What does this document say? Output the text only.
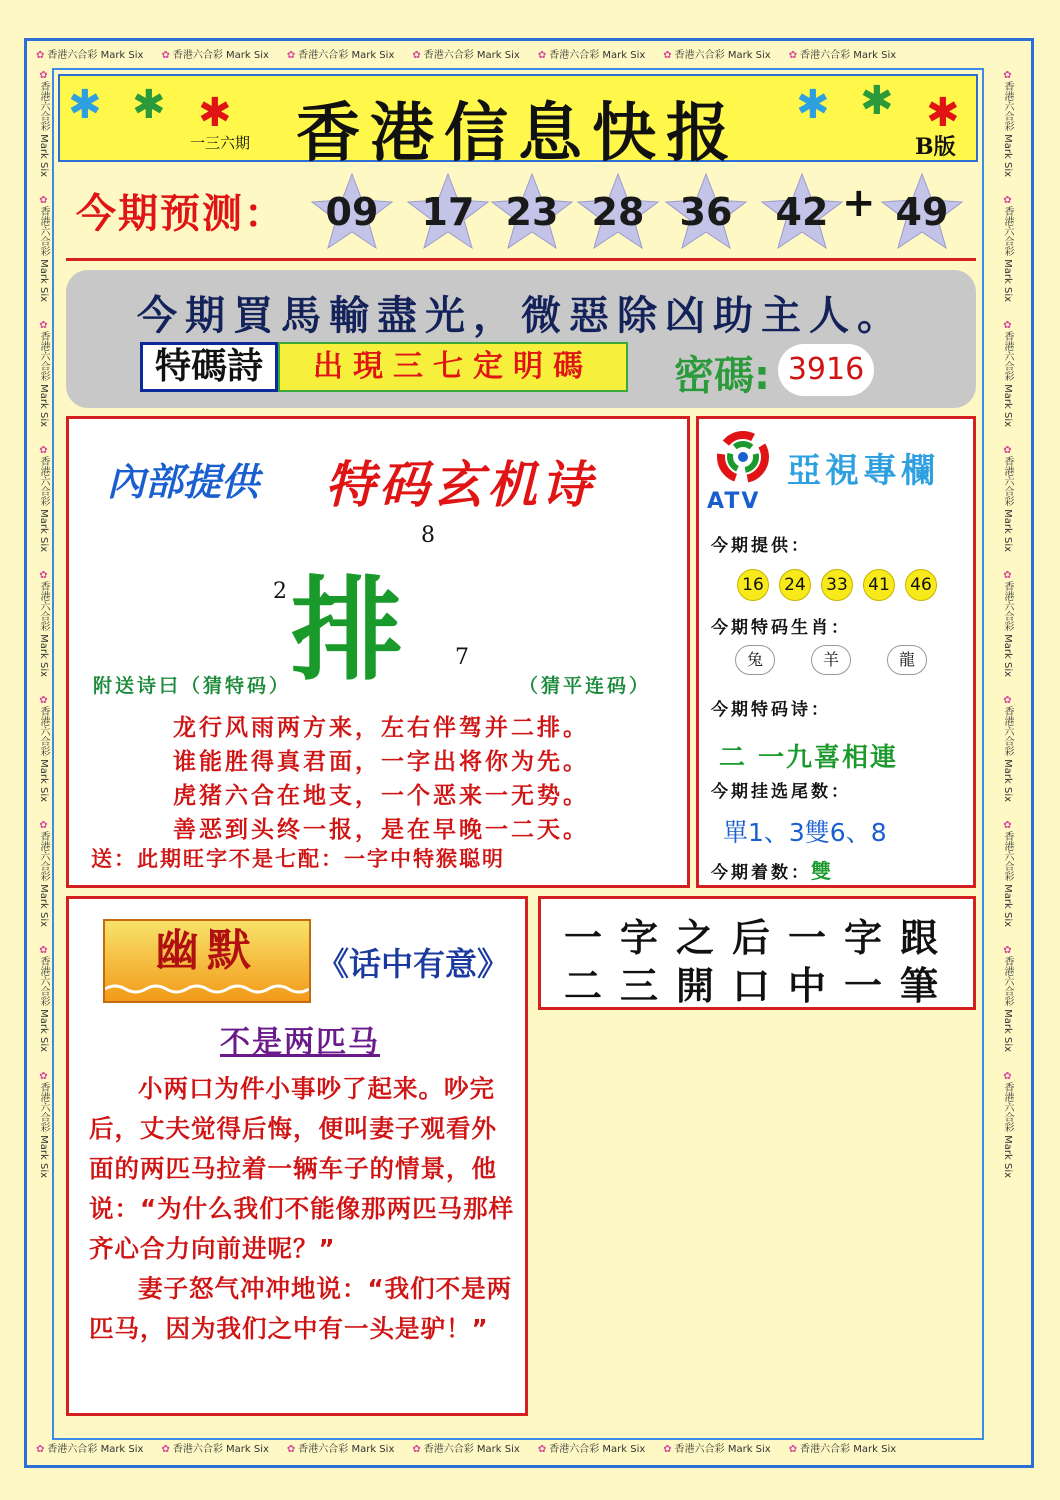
✿ 香港六合彩 Mark Six ✿ 香港六合彩 Mark Six ✿ 香港六合彩 Mark Six ✿ 香港六合彩 Mark Six ✿ 香港六合彩 Mark Six ✿ 香港六合彩 Mark Six ✿ 香港六合彩 Mark Six
✿ 香港六合彩 Mark Six ✿ 香港六合彩 Mark Six ✿ 香港六合彩 Mark Six ✿ 香港六合彩 Mark Six ✿ 香港六合彩 Mark Six ✿ 香港六合彩 Mark Six ✿ 香港六合彩 Mark Six
✿香港六合彩 Mark Six✿香港六合彩 Mark Six✿香港六合彩 Mark Six✿香港六合彩 Mark Six✿香港六合彩 Mark Six✿香港六合彩 Mark Six✿香港六合彩 Mark Six✿香港六合彩 Mark Six✿香港六合彩 Mark Six
✿香港六合彩 Mark Six✿香港六合彩 Mark Six✿香港六合彩 Mark Six✿香港六合彩 Mark Six✿香港六合彩 Mark Six✿香港六合彩 Mark Six✿香港六合彩 Mark Six✿香港六合彩 Mark Six✿香港六合彩 Mark Six
✱ ✱ ✱	✱ ✱ ✱
香港信息快报
一三六期	B版
今期预测：	09	17 23 28 36	42 + 49
今期買馬輸盡光，微惡除凶助主人。
特碼詩	出現三七定明碼	密碼: 3916
內部提供 特码玄机诗
8
2 排 7
附送诗曰（猜特码）	（猜平连码）
龙行风雨两方来，左右伴驾并二排。
谁能胜得真君面，一字出将你为先。
虎猪六合在地支，一个恶来一无势。
善恶到头终一报，是在早晚一二天。
送：此期旺字不是七配：一字中特猴聪明
ATV
亞視專欄
今期提供：
16	24	33	41	46
今期特码生肖：
兔	羊	龍
今期特码诗：
二 一九喜相連
今期挂选尾数：
單1、3雙6、8
今期着数：雙
幽默	《话中有意》
不是两匹马

小两口为件小事吵了起来。吵完后，丈夫觉得后悔，便叫妻子观看外面的两匹马拉着一辆车子的情景，他说：“为什么我们不能像那两匹马那样齐心合力向前进呢？”

妻子怒气冲冲地说：“我们不是两匹马，因为我们之中有一头是驴！”

一字之后一字跟
二三開口中一筆
